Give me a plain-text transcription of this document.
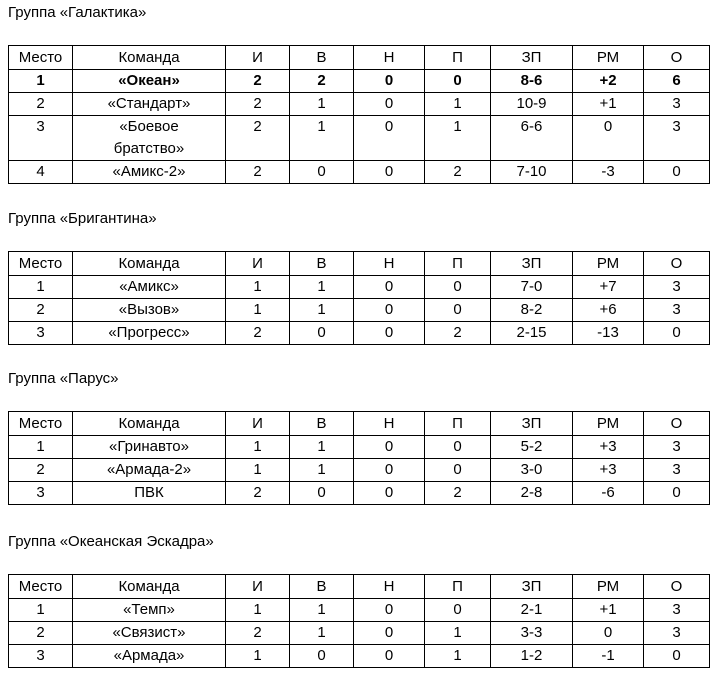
Группа «Галактика»
Место	Команда	И	В	Н	П	ЗП	РМ	О
1	«Океан»	2	2	0	0	8-6	+2	6
2	«Стандарт»	2	1	0	1	10-9	+1	3
3	«Боевое братство»	2	1	0	1	6-6	0	3
4	«Амикс-2»	2	0	0	2	7-10	-3	0
Группа «Бригантина»
Место	Команда	И	В	Н	П	ЗП	РМ	О
1	«Амикс»	1	1	0	0	7-0	+7	3
2	«Вызов»	1	1	0	0	8-2	+6	3
3	«Прогресс»	2	0	0	2	2-15	-13	0
Группа «Парус»
Место	Команда	И	В	Н	П	ЗП	РМ	О
1	«Гринавто»	1	1	0	0	5-2	+3	3
2	«Армада-2»	1	1	0	0	3-0	+3	3
3	ПВК	2	0	0	2	2-8	-6	0
Группа «Океанская Эскадра»
Место	Команда	И	В	Н	П	ЗП	РМ	О
1	«Темп»	1	1	0	0	2-1	+1	3
2	«Связист»	2	1	0	1	3-3	0	3
3	«Армада»	1	0	0	1	1-2	-1	0
